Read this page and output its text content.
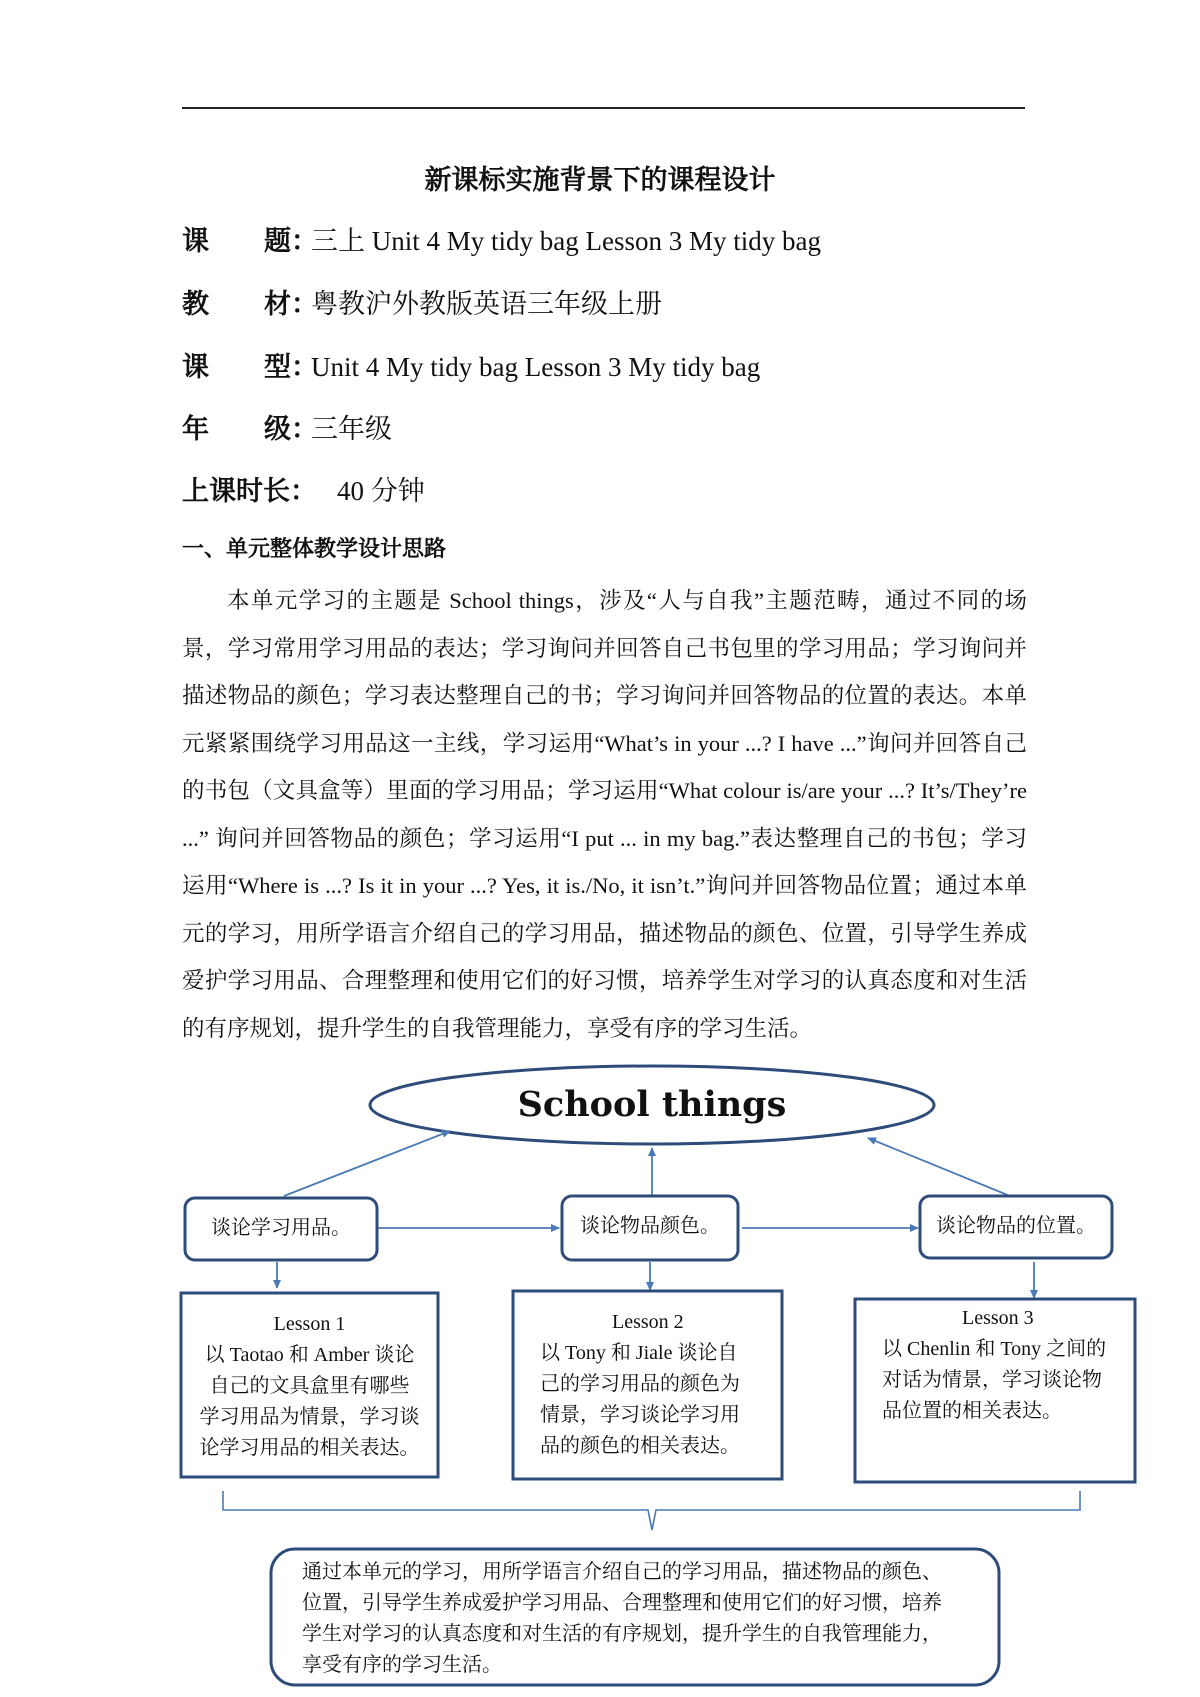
新课标实施背景下的课程设计
课 题：三上 Unit 4 My tidy bag Lesson 3 My tidy bag
教 材：粤教沪外教版英语三年级上册
课 型：Unit 4 My tidy bag Lesson 3 My tidy bag
年 级：三年级
上课时长： 40 分钟
一、单元整体教学设计思路
本单元学习的主题是 School things，涉及“人与自我”主题范畴，通过不同的场景，学习常用学习用品的表达；学习询问并回答自己书包里的学习用品；学习询问并描述物品的颜色；学习表达整理自己的书；学习询问并回答物品的位置的表达。本单元紧紧围绕学习用品这一主线，学习运用“What’s in your ...? I have ...”询问并回答自己的书包（文具盒等）里面的学习用品；学习运用“What colour is/are your ...? It’s/They’re ...” 询问并回答物品的颜色；学习运用“I put ... in my bag.”表达整理自己的书包；学习运用“Where is ...? Is it in your ...? Yes, it is./No, it isn’t.”询问并回答物品位置；通过本单元的学习，用所学语言介绍自己的学习用品，描述物品的颜色、位置，引导学生养成爱护学习用品、合理整理和使用它们的好习惯，培养学生对学习的认真态度和对生活的有序规划，提升学生的自我管理能力，享受有序的学习生活。
School things
谈论学习用品。	谈论物品颜色。	谈论物品的位置。
Lesson 1
以 Taotao 和 Amber 谈论
自己的文具盒里有哪些
学习用品为情景，学习谈
论学习用品的相关表达。
Lesson 2
以 Tony 和 Jiale 谈论自
己的学习用品的颜色为
情景，学习谈论学习用
品的颜色的相关表达。
Lesson 3
以 Chenlin 和 Tony 之间的
对话为情景，学习谈论物
品位置的相关表达。
通过本单元的学习，用所学语言介绍自己的学习用品，描述物品的颜色、
位置，引导学生养成爱护学习用品、合理整理和使用它们的好习惯，培养
学生对学习的认真态度和对生活的有序规划，提升学生的自我管理能力，
享受有序的学习生活。
